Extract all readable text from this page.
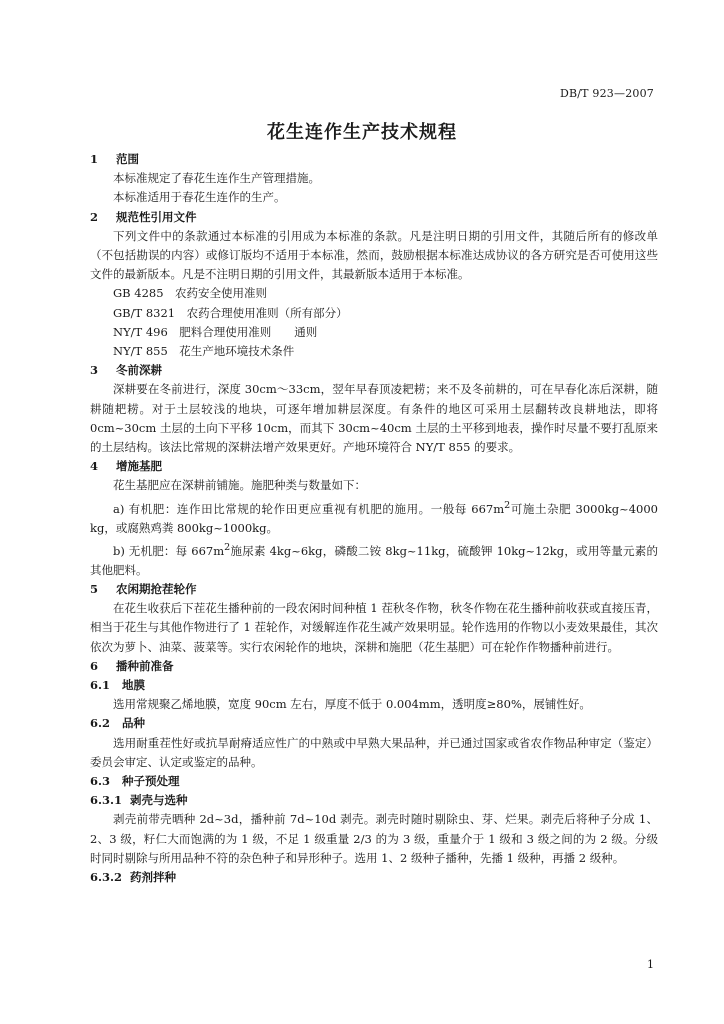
DB/T 923—2007
花生连作生产技术规程
1	范围
本标准规定了春花生连作生产管理措施。
本标准适用于春花生连作的生产。
2	规范性引用文件
下列文件中的条款通过本标准的引用成为本标准的条款。凡是注明日期的引用文件，其随后所有的修改单（不包括勘误的内容）或修订版均不适用于本标准，然而，鼓励根据本标准达成协议的各方研究是否可使用这些文件的最新版本。凡是不注明日期的引用文件，其最新版本适用于本标准。
GB 4285　农药安全使用准则
GB/T 8321　农药合理使用准则（所有部分）
NY/T 496　肥料合理使用准则　　通则
NY/T 855　花生产地环境技术条件
3	冬前深耕
深耕要在冬前进行，深度 30cm～33cm，翌年早春顶凌耙耢；来不及冬前耕的，可在早春化冻后深耕，随耕随耙耢。对于土层较浅的地块，可逐年增加耕层深度。有条件的地区可采用土层翻转改良耕地法，即将 0cm~30cm 土层的土向下平移 10cm，而其下 30cm~40cm 土层的土平移到地表，操作时尽量不要打乱原来的土层结构。该法比常规的深耕法增产效果更好。产地环境符合 NY/T 855 的要求。
4	增施基肥
花生基肥应在深耕前铺施。施肥种类与数量如下：
a) 有机肥：连作田比常规的轮作田更应重视有机肥的施用。一般每 $667m^2$可施土杂肥 3000kg~4000 kg，或腐熟鸡粪 800kg~1000kg。
b) 无机肥：每 $667m^2$施尿素 4kg~6kg，磷酸二铵 8kg~11kg，硫酸钾 10kg~12kg，或用等量元素的其他肥料。
5	农闲期抢茬轮作
在花生收获后下茬花生播种前的一段农闲时间种植 1 茬秋冬作物，秋冬作物在花生播种前收获或直接压青，相当于花生与其他作物进行了 1 茬轮作，对缓解连作花生减产效果明显。轮作选用的作物以小麦效果最佳，其次依次为萝卜、油菜、菠菜等。实行农闲轮作的地块，深耕和施肥（花生基肥）可在轮作作物播种前进行。
6	播种前准备
6.1	地膜
选用常规聚乙烯地膜，宽度 90cm 左右，厚度不低于 0.004mm，透明度≥80%，展铺性好。
6.2	品种
选用耐重茬性好或抗旱耐瘠适应性广的中熟或中早熟大果品种，并已通过国家或省农作物品种审定（鉴定）委员会审定、认定或鉴定的品种。
6.3	种子预处理
6.3.1 剥壳与选种
剥壳前带壳晒种 2d~3d，播种前 7d~10d 剥壳。剥壳时随时剔除虫、芽、烂果。剥壳后将种子分成 1、2、3 级，籽仁大而饱满的为 1 级，不足 1 级重量 2/3 的为 3 级，重量介于 1 级和 3 级之间的为 2 级。分级时同时剔除与所用品种不符的杂色种子和异形种子。选用 1、2 级种子播种，先播 1 级种，再播 2 级种。
6.3.2 药剂拌种
1
